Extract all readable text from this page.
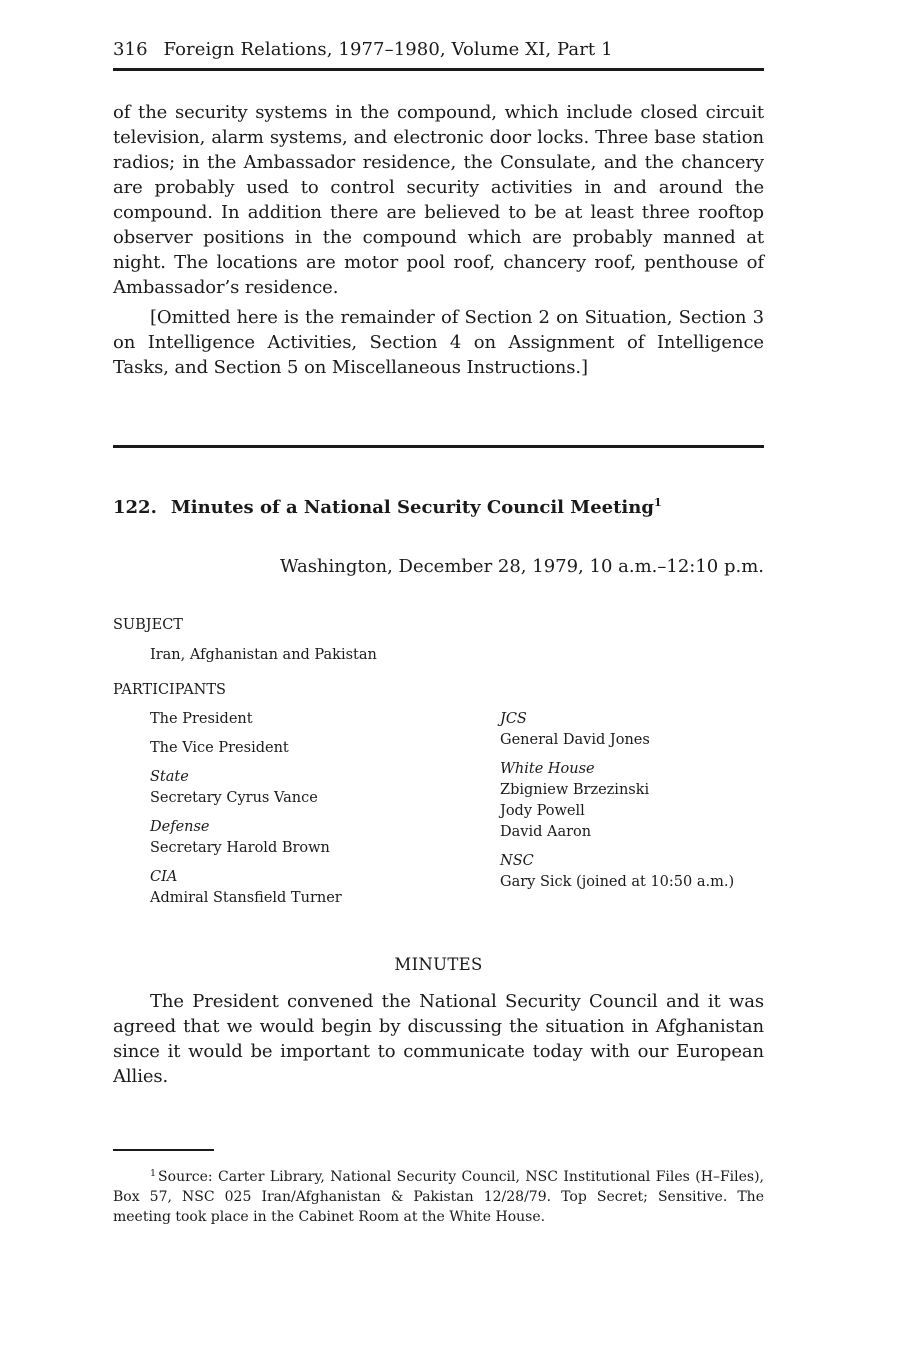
316 Foreign Relations, 1977–1980, Volume XI, Part 1

of the security systems in the compound, which include closed circuit television, alarm systems, and electronic door locks. Three base station radios; in the Ambassador residence, the Consulate, and the chancery are probably used to control security activities in and around the compound. In addition there are believed to be at least three rooftop observer positions in the compound which are probably manned at night. The locations are motor pool roof, chancery roof, penthouse of Ambassador’s residence.

[Omitted here is the remainder of Section 2 on Situation, Section 3 on Intelligence Activities, Section 4 on Assignment of Intelligence Tasks, and Section 5 on Miscellaneous Instructions.]

122. Minutes of a National Security Council Meeting$^1$
Washington, December 28, 1979, 10 a.m.–12:10 p.m.
SUBJECT
Iran, Afghanistan and Pakistan
PARTICIPANTS
The President
The Vice President
State
Secretary Cyrus Vance
Defense
Secretary Harold Brown
CIA
Admiral Stansfield Turner
JCS
General David Jones
White House
Zbigniew Brzezinski
Jody Powell
David Aaron
NSC
Gary Sick (joined at 10:50 a.m.)
MINUTES

The President convened the National Security Council and it was agreed that we would begin by discussing the situation in Afghanistan since it would be important to communicate today with our European Allies.

$^1$ Source: Carter Library, National Security Council, NSC Institutional Files (H–Files), Box 57, NSC 025 Iran/Afghanistan & Pakistan 12/28/79. Top Secret; Sensitive. The meeting took place in the Cabinet Room at the White House.
